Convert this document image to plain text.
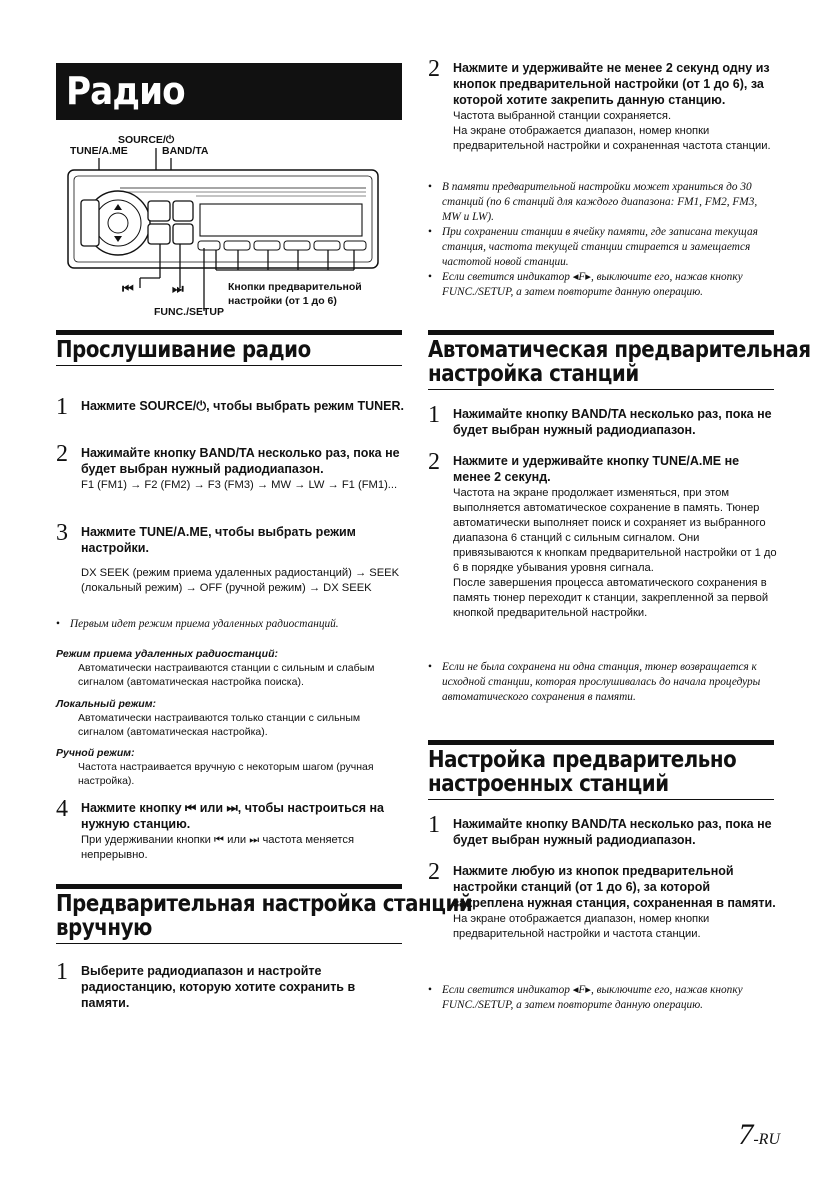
Радио
SOURCE/⏻
TUNE/A.ME	BAND/TA
⏮	⏭	Кнопки предварительной
настройки (от 1 до 6)
FUNC./SETUP
Прослушивание радио
1 Нажмите SOURCE/⏻, чтобы выбрать режим TUNER.
2 Нажимайте кнопку BAND/TA несколько раз, пока не будет выбран нужный радиодиапазон.
F1 (FM1) → F2 (FM2) → F3 (FM3) → MW → LW → F1 (FM1)...
3 Нажмите TUNE/A.ME, чтобы выбрать режим настройки.
DX SEEK (режим приема удаленных радиостанций) → SEEK (локальный режим) → OFF (ручной режим) → DX SEEK
• Первым идет режим приема удаленных радиостанций.
Режим приема удаленных радиостанций:
Автоматически настраиваются станции с сильным и слабым сигналом (автоматическая настройка поиска).
Локальный режим:
Автоматически настраиваются только станции с сильным сигналом (автоматическая настройка).
Ручной режим:
Частота настраивается вручную с некоторым шагом (ручная настройка).
4 Нажмите кнопку ⏮ или ⏭, чтобы настроиться на нужную станцию.
При удерживании кнопки ⏮ или ⏭ частота меняется непрерывно.
Предварительная настройка станций
вручную
1 Выберите радиодиапазон и настройте радиостанцию, которую хотите сохранить в памяти.
2 Нажмите и удерживайте не менее 2 секунд одну из кнопок предварительной настройки (от 1 до 6), за которой хотите закрепить данную станцию.
Частота выбранной станции сохраняется.
На экране отображается диапазон, номер кнопки предварительной настройки и сохраненная частота станции.
• В памяти предварительной настройки может храниться до 30 станций (по 6 станций для каждого диапазона: FM1, FM2, FM3, MW и LW).
• При сохранении станции в ячейку памяти, где записана текущая станция, частота текущей станции стирается и замещается частотой новой станции.
• Если светится индикатор ◂F▸, выключите его, нажав кнопку FUNC./SETUP, а затем повторите данную операцию.
Автоматическая предварительная
настройка станций
1 Нажимайте кнопку BAND/TA несколько раз, пока не будет выбран нужный радиодиапазон.
2 Нажмите и удерживайте кнопку TUNE/A.ME не менее 2 секунд.
Частота на экране продолжает изменяться, при этом выполняется автоматическое сохранение в память. Тюнер автоматически выполняет поиск и сохраняет из выбранного диапазона 6 станций с сильным сигналом. Они привязываются к кнопкам предварительной настройки от 1 до 6 в порядке убывания уровня сигнала.
После завершения процесса автоматического сохранения в память тюнер переходит к станции, закрепленной за первой кнопкой предварительной настройки.
• Если не была сохранена ни одна станция, тюнер возвращается к исходной станции, которая прослушивалась до начала процедуры автоматического сохранения в памяти.
Настройка предварительно
настроенных станций
1 Нажимайте кнопку BAND/TA несколько раз, пока не будет выбран нужный радиодиапазон.
2 Нажмите любую из кнопок предварительной настройки станций (от 1 до 6), за которой закреплена нужная станция, сохраненная в памяти.
На экране отображается диапазон, номер кнопки предварительной настройки и частота станции.
• Если светится индикатор ◂F▸, выключите его, нажав кнопку FUNC./SETUP, а затем повторите данную операцию.
7-RU
